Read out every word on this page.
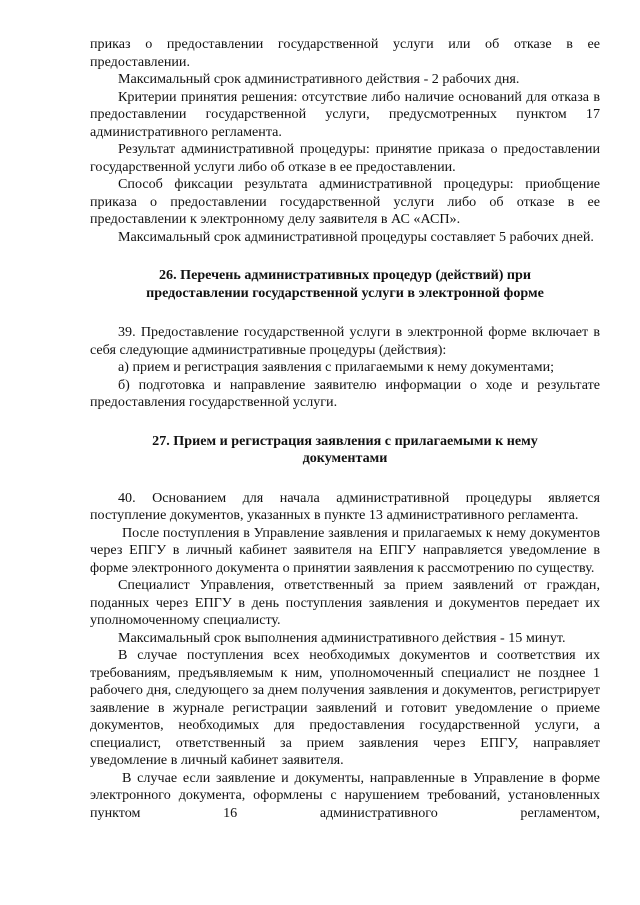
приказ о предоставлении государственной услуги или об отказе в ее предоставлении.

Максимальный срок административного действия - 2 рабочих дня.

Критерии принятия решения: отсутствие либо наличие оснований для отказа в предоставлении государственной услуги, предусмотренных пунктом 17 административного регламента.

Результат административной процедуры: принятие приказа о предоставлении государственной услуги либо об отказе в ее предоставлении.

Способ фиксации результата административной процедуры: приобщение приказа о предоставлении государственной услуги либо об отказе в ее предоставлении к электронному делу заявителя в АС «АСП».

Максимальный срок административной процедуры составляет 5 рабочих дней.

26. Перечень административных процедур (действий) при

предоставлении государственной услуги в электронной форме

39. Предоставление государственной услуги в электронной форме включает в себя следующие административные процедуры (действия):

а) прием и регистрация заявления с прилагаемыми к нему документами;

б) подготовка и направление заявителю информации о ходе и результате предоставления государственной услуги.

27. Прием и регистрация заявления с прилагаемыми к нему

документами

40. Основанием для начала административной процедуры является поступление документов, указанных в пункте 13 административного регламента.

После поступления в Управление заявления и прилагаемых к нему документов через ЕПГУ в личный кабинет заявителя на ЕПГУ направляется уведомление в форме электронного документа о принятии заявления к рассмотрению по существу.

Специалист Управления, ответственный за прием заявлений от граждан, поданных через ЕПГУ в день поступления заявления и документов передает их уполномоченному специалисту.

Максимальный срок выполнения административного действия - 15 минут.

В случае поступления всех необходимых документов и соответствия их требованиям, предъявляемым к ним, уполномоченный специалист не позднее 1 рабочего дня, следующего за днем получения заявления и документов, регистрирует заявление в журнале регистрации заявлений и готовит уведомление о приеме документов, необходимых для предоставления государственной услуги, а специалист, ответственный за прием заявления через ЕПГУ, направляет уведомление в личный кабинет заявителя.

В случае если заявление и документы, направленные в Управление в форме электронного документа, оформлены с нарушением требований, установленных пунктом 16 административного регламентом,
